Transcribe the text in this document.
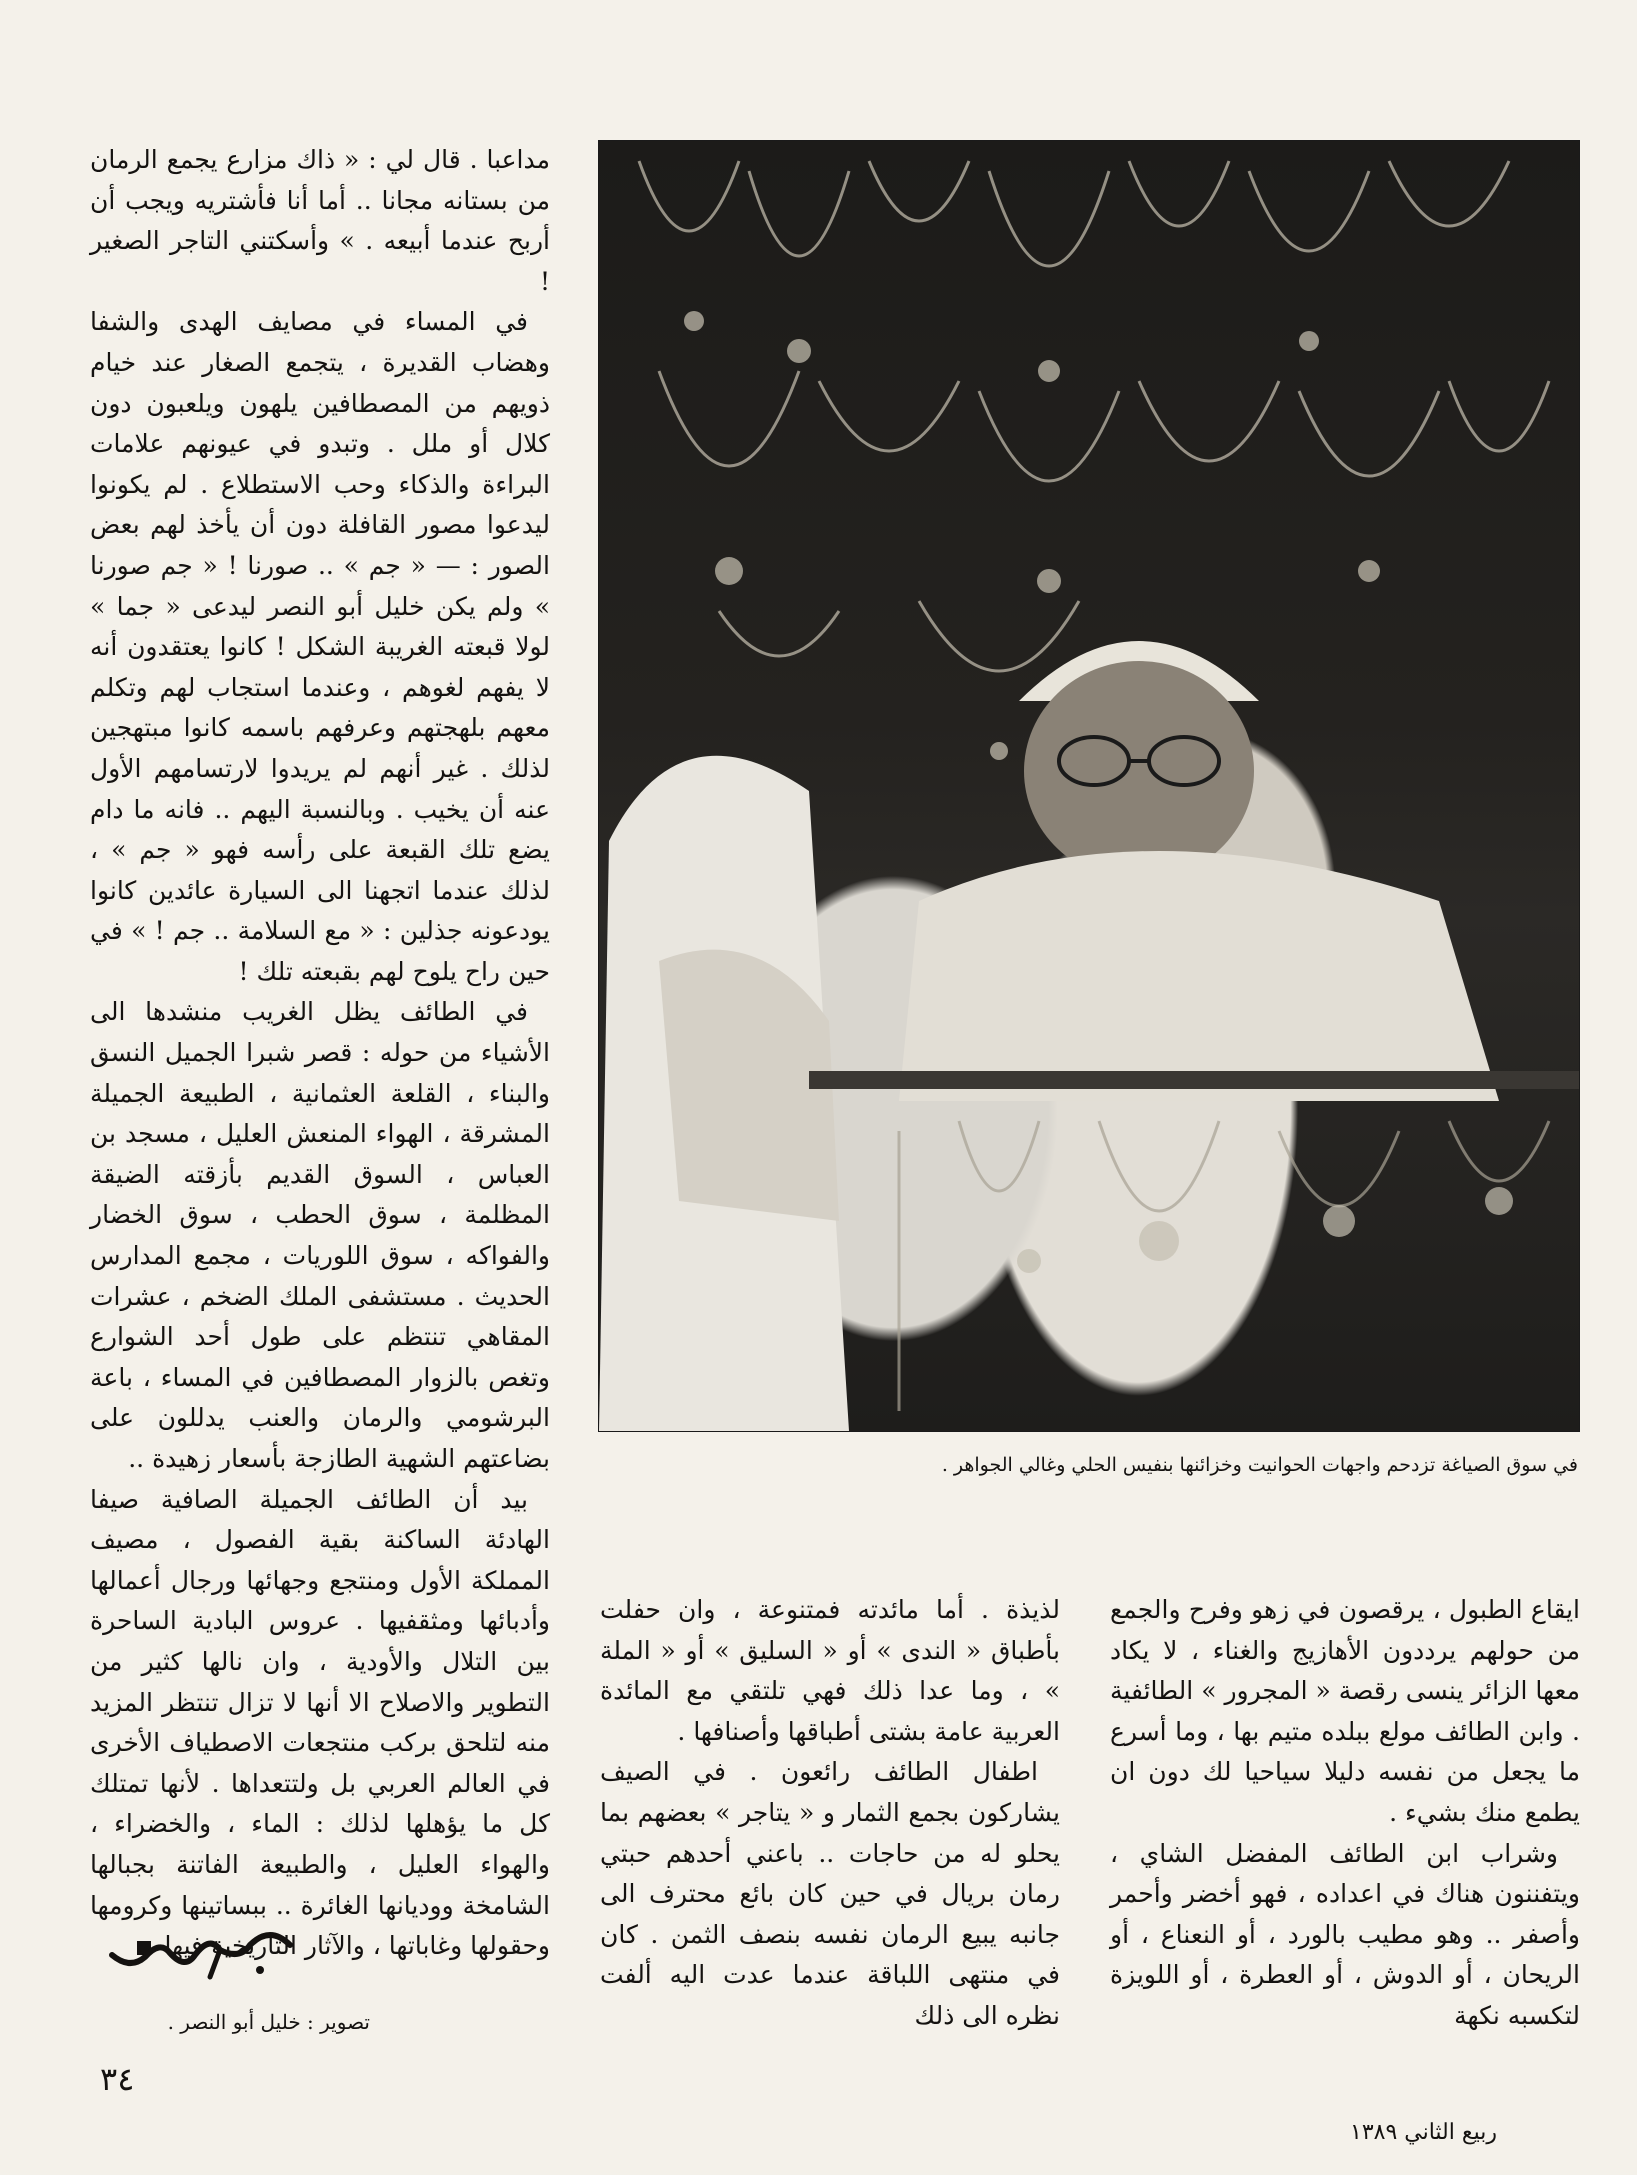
في سوق الصياغة تزدحم واجهات الحوانيت وخزائنها بنفيس الحلي وغالي الجواهر .

مداعبا . قال لي : « ذاك مزارع يجمع الرمان من بستانه مجانا .. أما أنا فأشتريه ويجب أن أربح عندما أبيعه . » وأسكتني التاجر الصغير !

في المساء في مصايف الهدى والشفا وهضاب القديرة ، يتجمع الصغار عند خيام ذويهم من المصطافين يلهون ويلعبون دون كلال أو ملل . وتبدو في عيونهم علامات البراءة والذكاء وحب الاستطلاع . لم يكونوا ليدعوا مصور القافلة دون أن يأخذ لهم بعض الصور : — « جم » .. صورنا ! « جم صورنا » ولم يكن خليل أبو النصر ليدعى « جما » لولا قبعته الغريبة الشكل ! كانوا يعتقدون أنه لا يفهم لغوهم ، وعندما استجاب لهم وتكلم معهم بلهجتهم وعرفهم باسمه كانوا مبتهجين لذلك . غير أنهم لم يريدوا لارتسامهم الأول عنه أن يخيب . وبالنسبة اليهم .. فانه ما دام يضع تلك القبعة على رأسه فهو « جم » ، لذلك عندما اتجهنا الى السيارة عائدين كانوا يودعونه جذلين : « مع السلامة .. جم ! » في حين راح يلوح لهم بقبعته تلك !

في الطائف يظل الغريب منشدها الى الأشياء من حوله : قصر شبرا الجميل النسق والبناء ، القلعة العثمانية ، الطبيعة الجميلة المشرقة ، الهواء المنعش العليل ، مسجد بن العباس ، السوق القديم بأزقته الضيقة المظلمة ، سوق الحطب ، سوق الخضار والفواكه ، سوق اللوريات ، مجمع المدارس الحديث . مستشفى الملك الضخم ، عشرات المقاهي تنتظم على طول أحد الشوارع وتغص بالزوار المصطافين في المساء ، باعة البرشومي والرمان والعنب يدللون على بضاعتهم الشهية الطازجة بأسعار زهيدة ..

بيد أن الطائف الجميلة الصافية صيفا الهادئة الساكنة بقية الفصول ، مصيف المملكة الأول ومنتجع وجهائها ورجال أعمالها وأدبائها ومثقفيها . عروس البادية الساحرة بين التلال والأودية ، وان نالها كثير من التطوير والاصلاح الا أنها لا تزال تنتظر المزيد منه لتلحق بركب منتجعات الاصطياف الأخرى في العالم العربي بل ولتتعداها . لأنها تمتلك كل ما يؤهلها لذلك : الماء ، والخضراء ، والهواء العليل ، والطبيعة الفاتنة بجبالها الشامخة ووديانها الغائرة .. ببساتينها وكرومها وحقولها وغاباتها ، والآثار التاريخية فيها

ايقاع الطبول ، يرقصون في زهو وفرح والجمع من حولهم يرددون الأهازيج والغناء ، لا يكاد معها الزائر ينسى رقصة « المجرور » الطائفية . وابن الطائف مولع ببلده متيم بها ، وما أسرع ما يجعل من نفسه دليلا سياحيا لك دون ان يطمع منك بشيء .

وشراب ابن الطائف المفضل الشاي ، ويتفننون هناك في اعداده ، فهو أخضر وأحمر وأصفر .. وهو مطيب بالورد ، أو النعناع ، أو الريحان ، أو الدوش ، أو العطرة ، أو اللويزة لتكسبه نكهة

لذيذة . أما مائدته فمتنوعة ، وان حفلت بأطباق « الندى » أو « السليق » أو « الملة » ، وما عدا ذلك فهي تلتقي مع المائدة العربية عامة بشتى أطباقها وأصنافها .

اطفال الطائف رائعون . في الصيف يشاركون بجمع الثمار و « يتاجر » بعضهم بما يحلو له من حاجات .. باعني أحدهم حبتي رمان بريال في حين كان بائع محترف الى جانبه يبيع الرمان نفسه بنصف الثمن . كان في منتهى اللباقة عندما عدت اليه ألفت نظره الى ذلك

تصوير : خليل أبو النصر .
٣٤
ربيع الثاني ١٣٨٩
